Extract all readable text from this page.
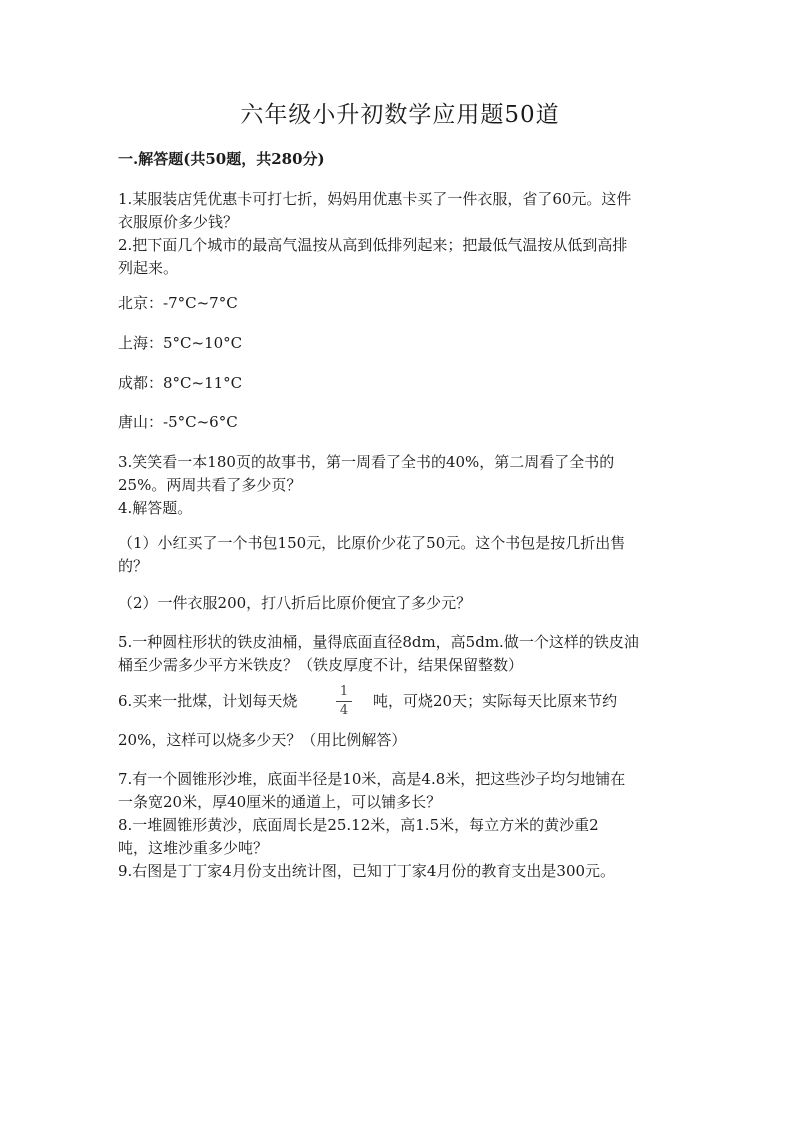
六年级小升初数学应用题50道
一.解答题(共50题，共280分)
1.某服装店凭优惠卡可打七折，妈妈用优惠卡买了一件衣服，省了60元。这件
衣服原价多少钱？
2.把下面几个城市的最高气温按从高到低排列起来；把最低气温按从低到高排
列起来。
北京：-7°C~7°C
上海：5°C~10°C
成都：8°C~11°C
唐山：-5°C~6°C
3.笑笑看一本180页的故事书，第一周看了全书的40%，第二周看了全书的
25%。两周共看了多少页？
4.解答题。
（1）小红买了一个书包150元，比原价少花了50元。这个书包是按几折出售
的？
（2）一件衣服200，打八折后比原价便宜了多少元？
5.一种圆柱形状的铁皮油桶，量得底面直径8dm，高5dm.做一个这样的铁皮油
桶至少需多少平方米铁皮？（铁皮厚度不计，结果保留整数）
6.买来一批煤，计划每天烧
1
4
吨，可烧20天；实际每天比原来节约
20%，这样可以烧多少天？（用比例解答）
7.有一个圆锥形沙堆，底面半径是10米，高是4.8米，把这些沙子均匀地铺在
一条宽20米，厚40厘米的通道上，可以铺多长？
8.一堆圆锥形黄沙，底面周长是25.12米，高1.5米，每立方米的黄沙重2
吨，这堆沙重多少吨？
9.右图是丁丁家4月份支出统计图，已知丁丁家4月份的教育支出是300元。
